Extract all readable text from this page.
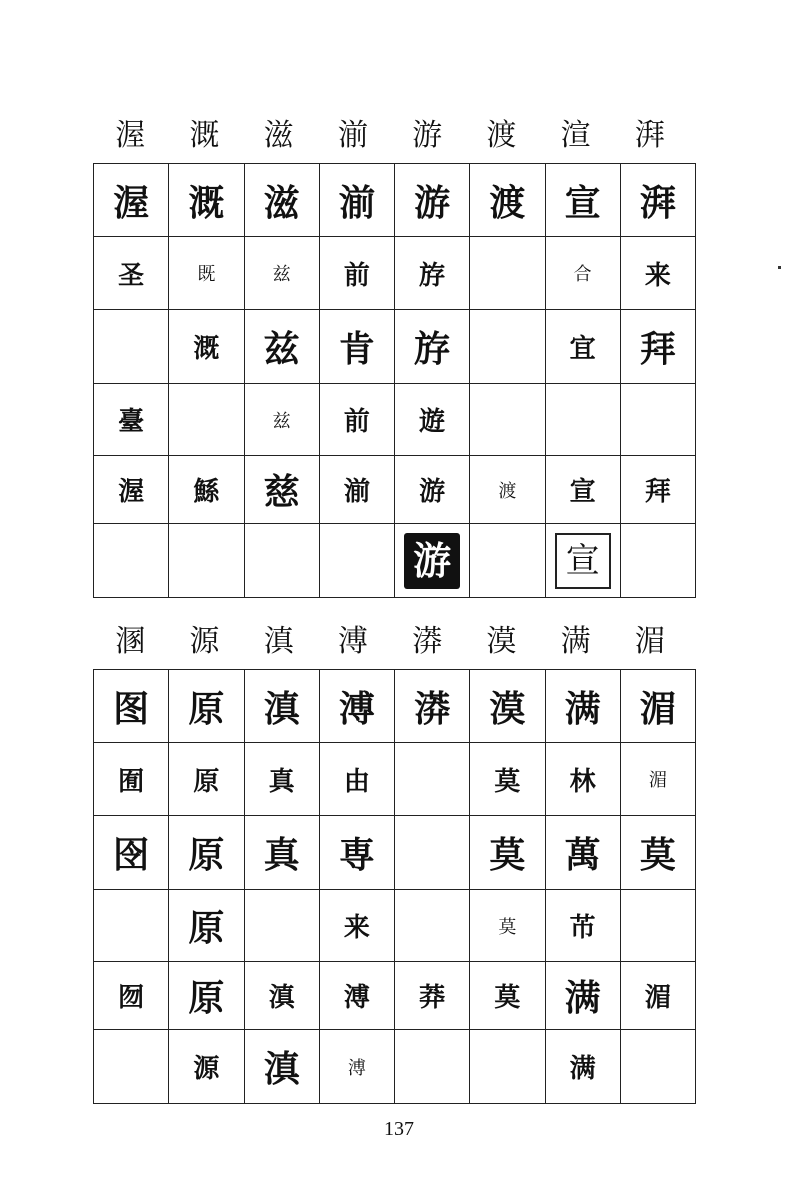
渥	溉	滋	湔	游	渡	渲	湃
渥	溉	滋	湔	游	渡	宣	湃
圣	既	兹	前	斿		合	来
	溉	兹	肯	斿		宜	拜
臺		兹	前	遊			
渥	鯀	慈	湔	游	渡	宣	拜
				游		宣	
溷	源	滇	溥	漭	漠	满	湄
图	原	滇	溥	漭	漠	满	湄
囿	原	真	由		莫	林	湄
囹	原	真	専		莫	萬	莫
	原		来		莫	芇	
囫	原	滇	溥	莽	莫	满	湄
	源	滇	溥			满	
137
